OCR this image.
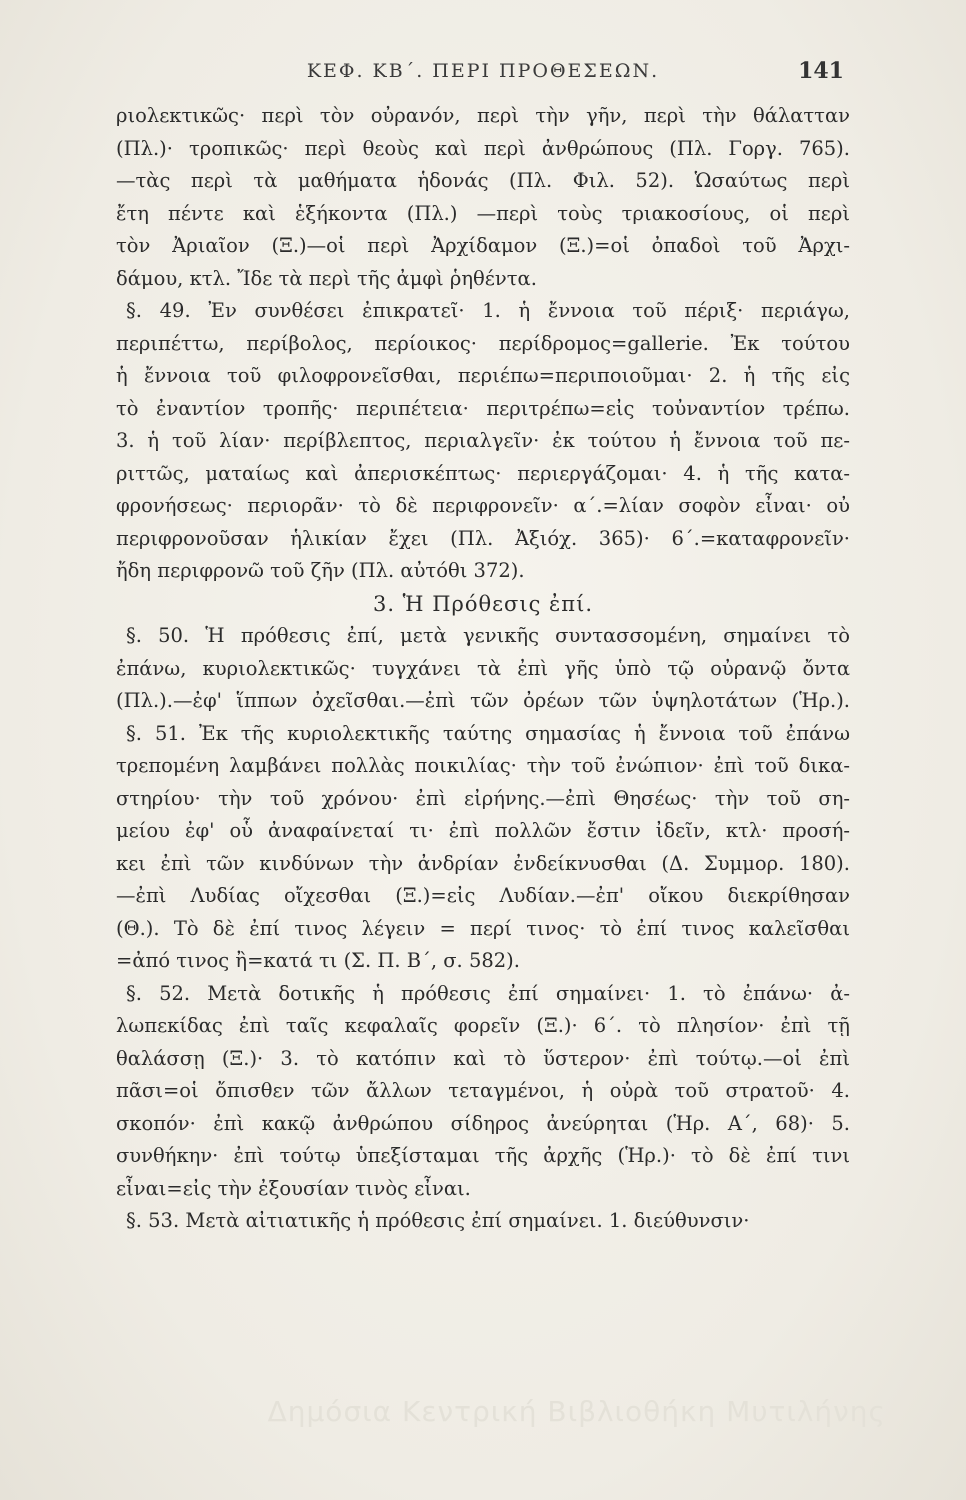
ΚΕΦ. ΚΒ΄. ΠΕΡΙ ΠΡΟΘΕΣΕΩΝ.	141
ριολεκτικῶς· περὶ τὸν οὐρανόν, περὶ τὴν γῆν, περὶ τὴν θάλατταν
(Πλ.)· τροπικῶς· περὶ θεοὺς καὶ περὶ ἀνθρώπους (Πλ. Γοργ. 765).
—τὰς περὶ τὰ μαθήματα ἡδονάς (Πλ. Φιλ. 52). Ὡσαύτως περὶ
ἔτη πέντε καὶ ἑξήκοντα (Πλ.) —περὶ τοὺς τριακοσίους, οἱ περὶ
τὸν Ἀριαῖον (Ξ.)—οἱ περὶ Ἀρχίδαμον (Ξ.)=οἱ ὀπαδοὶ τοῦ Ἀρχι-
δάμου, κτλ. Ἴδε τὰ περὶ τῆς ἀμφὶ ῥηθέντα.
§. 49. Ἐν συνθέσει ἐπικρατεῖ· 1. ἡ ἔννοια τοῦ πέριξ· περιάγω,
περιπέττω, περίβολος, περίοικος· περίδρομος=gallerie. Ἐκ τούτου
ἡ ἔννοια τοῦ φιλοφρονεῖσθαι, περιέπω=περιποιοῦμαι· 2. ἡ τῆς εἰς
τὸ ἐναντίον τροπῆς· περιπέτεια· περιτρέπω=εἰς τοὐναντίον τρέπω.
3. ἡ τοῦ λίαν· περίβλεπτος, περιαλγεῖν· ἐκ τούτου ἡ ἔννοια τοῦ πε-
ριττῶς, ματαίως καὶ ἀπερισκέπτως· περιεργάζομαι· 4. ἡ τῆς κατα-
φρονήσεως· περιορᾶν· τὸ δὲ περιφρονεῖν· α΄.=λίαν σοφὸν εἶναι· οὐ
περιφρονοῦσαν ἡλικίαν ἔχει (Πλ. Ἀξιόχ. 365)· 6΄.=καταφρονεῖν·
ἤδη περιφρονῶ τοῦ ζῆν (Πλ. αὐτόθι 372).
3. Ἡ Πρόθεσις ἐπί.
§. 50. Ἡ πρόθεσις ἐπί, μετὰ γενικῆς συντασσομένη, σημαίνει τὸ
ἐπάνω, κυριολεκτικῶς· τυγχάνει τὰ ἐπὶ γῆς ὑπὸ τῷ οὐρανῷ ὄντα
(Πλ.).—ἐφ' ἵππων ὀχεῖσθαι.—ἐπὶ τῶν ὀρέων τῶν ὑψηλοτάτων (Ἡρ.).
§. 51. Ἐκ τῆς κυριολεκτικῆς ταύτης σημασίας ἡ ἔννοια τοῦ ἐπάνω
τρεπομένη λαμβάνει πολλὰς ποικιλίας· τὴν τοῦ ἐνώπιον· ἐπὶ τοῦ δικα-
στηρίου· τὴν τοῦ χρόνου· ἐπὶ εἰρήνης.—ἐπὶ Θησέως· τὴν τοῦ ση-
μείου ἐφ' οὗ ἀναφαίνεταί τι· ἐπὶ πολλῶν ἔστιν ἰδεῖν, κτλ· προσή-
κει ἐπὶ τῶν κινδύνων τὴν ἀνδρίαν ἐνδείκνυσθαι (Δ. Συμμορ. 180).
—ἐπὶ Λυδίας οἴχεσθαι (Ξ.)=εἰς Λυδίαν.—ἐπ' οἴκου διεκρίθησαν
(Θ.). Τὸ δὲ ἐπί τινος λέγειν = περί τινος· τὸ ἐπί τινος καλεῖσθαι
=ἀπό τινος ἢ=κατά τι (Σ. Π. Β΄, σ. 582).
§. 52. Μετὰ δοτικῆς ἡ πρόθεσις ἐπί σημαίνει· 1. τὸ ἐπάνω· ἀ-
λωπεκίδας ἐπὶ ταῖς κεφαλαῖς φορεῖν (Ξ.)· 6΄. τὸ πλησίον· ἐπὶ τῇ
θαλάσσῃ (Ξ.)· 3. τὸ κατόπιν καὶ τὸ ὕστερον· ἐπὶ τούτῳ.—οἱ ἐπὶ
πᾶσι=οἱ ὄπισθεν τῶν ἄλλων τεταγμένοι, ἡ οὐρὰ τοῦ στρατοῦ· 4.
σκοπόν· ἐπὶ κακῷ ἀνθρώπου σίδηρος ἀνεύρηται (Ἡρ. Α΄, 68)· 5.
συνθήκην· ἐπὶ τούτῳ ὑπεξίσταμαι τῆς ἀρχῆς (Ἡρ.)· τὸ δὲ ἐπί τινι
εἶναι=εἰς τὴν ἐξουσίαν τινὸς εἶναι.
§. 53. Μετὰ αἰτιατικῆς ἡ πρόθεσις ἐπί σημαίνει. 1. διεύθυνσιν·
Δημόσια Κεντρική Βιβλιοθήκη Μυτιλήνης
